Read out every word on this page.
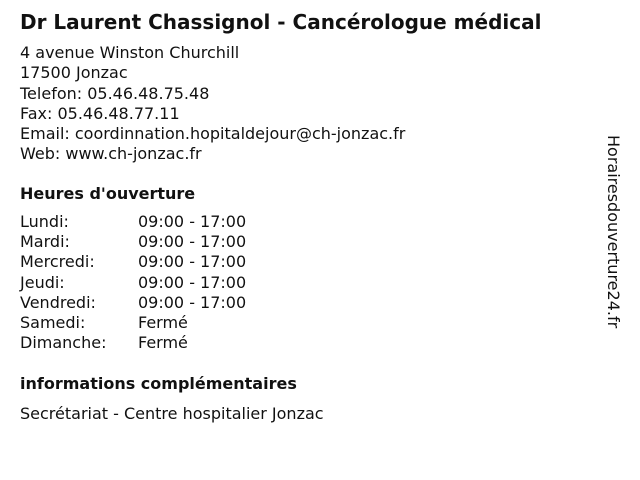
Dr Laurent Chassignol - Cancérologue médical
4 avenue Winston Churchill
17500 Jonzac
Telefon: 05.46.48.75.48
Fax: 05.46.48.77.11
Email: coordinnation.hopitaldejour@ch-jonzac.fr
Web: www.ch-jonzac.fr
Heures d'ouverture
Lundi:	09:00 - 17:00
Mardi:	09:00 - 17:00
Mercredi:	09:00 - 17:00
Jeudi:	09:00 - 17:00
Vendredi:	09:00 - 17:00
Samedi:	Fermé
Dimanche: Fermé
informations complémentaires
Secrétariat - Centre hospitalier Jonzac
Horairesdouverture24.fr
